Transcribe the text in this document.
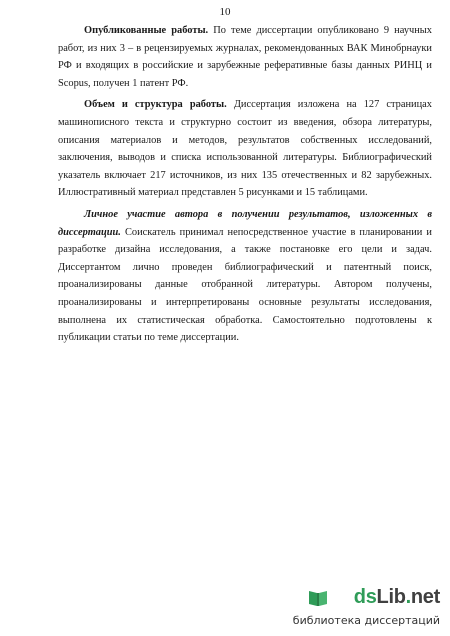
10

Опубликованные работы. По теме диссертации опубликовано 9 научных работ, из них 3 – в рецензируемых журналах, рекомендованных ВАК Минобрнауки РФ и входящих в российские и зарубежные реферативные базы данных РИНЦ и Scopus, получен 1 патент РФ.

Объем и структура работы. Диссертация изложена на 127 страницах машинописного текста и структурно состоит из введения, обзора литературы, описания материалов и методов, результатов собственных исследований, заключения, выводов и списка использованной литературы. Библиографический указатель включает 217 источников, из них 135 отечественных и 82 зарубежных. Иллюстративный материал представлен 5 рисунками и 15 таблицами.

Личное участие автора в получении результатов, изложенных в диссертации. Соискатель принимал непосредственное участие в планировании и разработке дизайна исследования, а также постановке его цели и задач. Диссертантом лично проведен библиографический и патентный поиск, проанализированы данные отобранной литературы. Автором получены, проанализированы и интерпретированы основные результаты исследования, выполнена их статистическая обработка. Самостоятельно подготовлены к публикации статьи по теме диссертации.

dsLib.net
библиотека диссертаций
